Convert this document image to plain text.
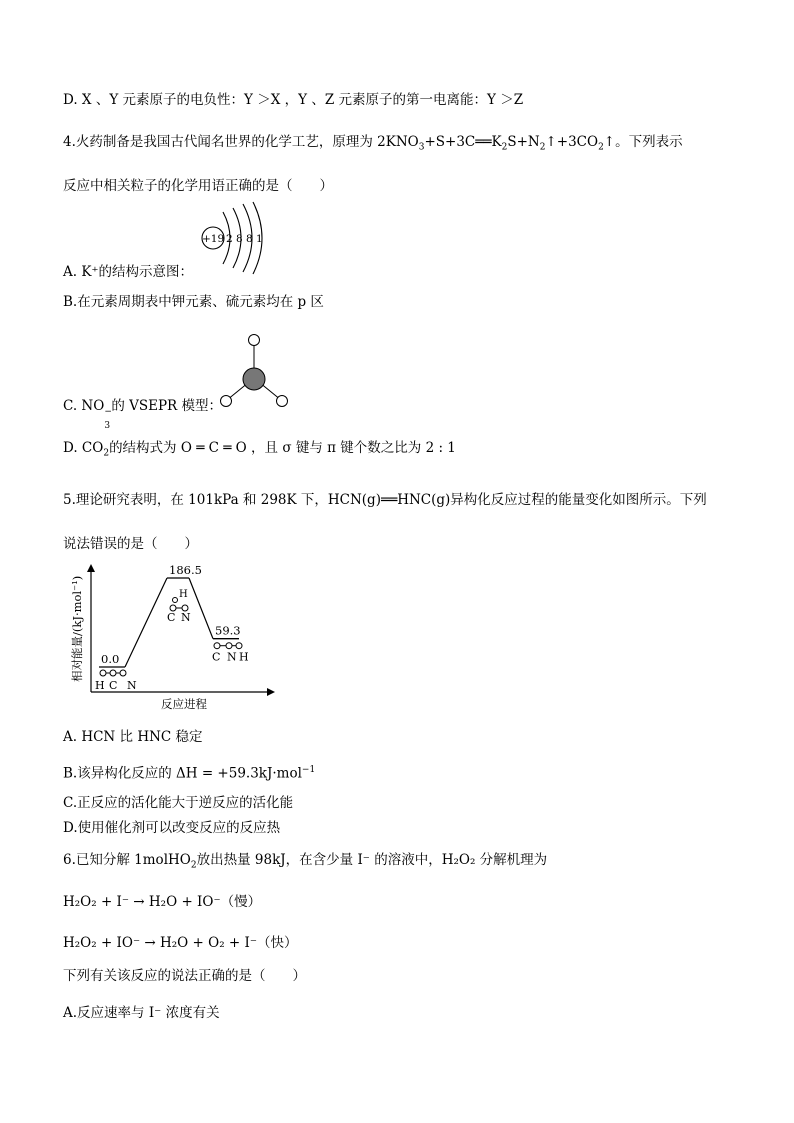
D. X 、Y 元素原子的电负性：Y ＞X ，Y 、Z 元素原子的第一电离能：Y ＞Z
4.火药制备是我国古代闻名世界的化学工艺，原理为 $2KNO_3+S+3C══K_2S+N_2↑+3CO_2↑$。下列表示
反应中相关粒子的化学用语正确的是（　　）
+19 2 8 8 1
A. K⁺的结构示意图：
B.在元素周期表中钾元素、硫元素均在 p 区
C. NO −
3
的 VSEPR 模型：
D. $CO_2$的结构式为 O ═ C ═ O ，且 σ 键与 π 键个数之比为 2 : 1
5.理论研究表明，在 101kPa 和 298K 下，HCN(g)══HNC(g)异构化反应过程的能量变化如图所示。下列
说法错误的是（　　）
相对能量/(kJ·mol⁻¹)
反应进程
0.0
186.5
59.3
H C N
C N
H
C N H
A. HCN 比 HNC 稳定
B.该异构化反应的 ΔH = +59.3kJ·mol$^{-1}$
C.正反应的活化能大于逆反应的活化能
D.使用催化剂可以改变反应的反应热
6.已知分解 1molHO$_2$放出热量 98kJ，在含少量 I⁻ 的溶液中，H₂O₂ 分解机理为
H₂O₂ + I⁻ → H₂O + IO⁻（慢）
H₂O₂ + IO⁻ → H₂O + O₂ + I⁻（快）
下列有关该反应的说法正确的是（　　）
A.反应速率与 I⁻ 浓度有关
